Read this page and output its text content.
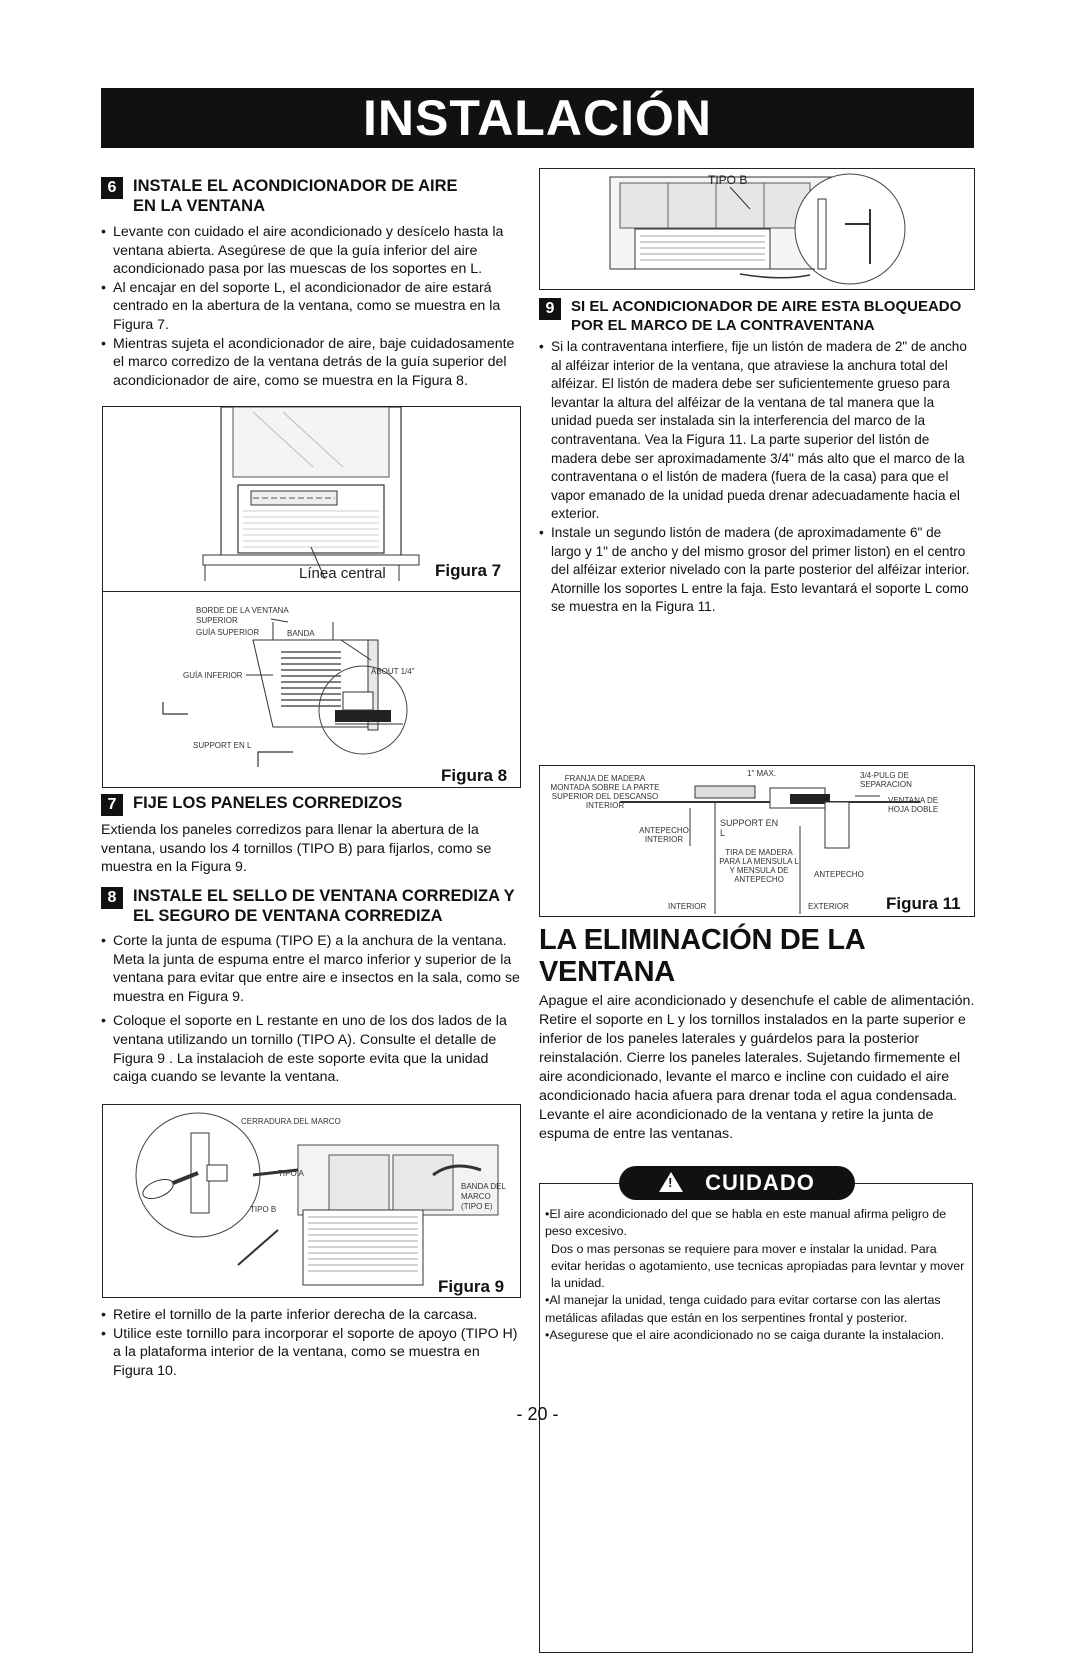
INSTALACIÓN
6	INSTALE EL ACONDICIONADOR DE AIRE
EN LA VENTANA
• Levante con cuidado el aire acondicionado y desícelo hasta la ventana abierta. Asegúrese de que la guía inferior del aire acondicionado pasa por las muescas de los soportes en L.
• Al encajar en del soporte L, el acondicionador de aire estará centrado en la abertura de la ventana, como se muestra en la Figura 7.
• Mientras sujeta el acondicionador de aire, baje cuidadosamente el marco corredizo de la ventana detrás de la guía superior del acondicionador de aire, como se muestra en la Figura 8.
Línea central	Figura 7
BORDE DE LA VENTANA SUPERIOR
GUÍA SUPERIOR	BANDA
ABOUT 1/4"
GUÍA INFERIOR
SUPPORT EN L
Figura 8
7	FIJE LOS PANELES CORREDIZOS

Extienda los paneles corredizos para llenar la abertura de la ventana, usando los 4 tornillos (TIPO B) para fijarlos, como se muestra en la Figura 9.

8	INSTALE EL SELLO DE VENTANA CORREDIZA Y
EL SEGURO DE VENTANA CORREDIZA
• Corte la junta de espuma (TIPO E) a la anchura de la ventana. Meta la junta de espuma entre el marco inferior y superior de la ventana para evitar que entre aire e insectos en la sala, como se muestra en Figura 9.
• Coloque el soporte en L restante en uno de los dos lados de la ventana utilizando un tornillo (TIPO A). Consulte el detalle de Figura 9 . La instalacioh de este soporte evita que la unidad caiga cuando se levante la ventana.
CERRADURA DEL MARCO
TIPO A
TIPO B
BANDA DEL MARCO (TIPO E)
Figura 9
• Retire el tornillo de la parte inferior derecha de la carcasa.
• Utilice este tornillo para incorporar el soporte de apoyo (TIPO H) a la plataforma interior de la ventana, como se muestra en Figura 10.
TIPO B
9	SI EL ACONDICIONADOR DE AIRE ESTA BLOQUEADO
POR EL MARCO DE LA CONTRAVENTANA
• Si la contraventana interfiere, fije un listón de madera de 2" de ancho al alféizar interior de la ventana, que atraviese la anchura total del alféizar. El listón de madera debe ser suficientemente grueso para levantar la altura del alféizar de la ventana de tal manera que la unidad pueda ser instalada sin la interferencia del marco de la contraventana. Vea la Figura 11. La parte superior del listón de madera debe ser aproximadamente 3/4" más alto que el marco de la contraventana o el listón de madera (fuera de la casa) para que el vapor emanado de la unidad pueda drenar adecuadamente hacia el exterior.
• Instale un segundo listón de madera (de aproximadamente 6" de largo y 1" de ancho y del mismo grosor del primer liston) en el centro del alféizar exterior nivelado con la parte posterior del alféizar interior. Atornille los soportes L entre la faja. Esto levantará el soporte L como se muestra en la Figura 11.
FRANJA DE MADERA MONTADA SOBRE LA PARTE SUPERIOR DEL DESCANSO INTERIOR
1" MAX.	3/4-PULG DE SEPARACION
VENTANA DE HOJA DOBLE
ANTEPECHO INTERIOR
SUPPORT EN L
TIRA DE MADERA PARA LA MENSULA L Y MENSULA DE ANTEPECHO
ANTEPECHO
INTERIOR	EXTERIOR Figura 11
LA ELIMINACIÓN DE LA VENTANA

Apague el aire acondicionado y desenchufe el cable de alimentación. Retire el soporte en L y los tornillos instalados en la parte superior e inferior de los paneles laterales y guárdelos para la posterior reinstalación. Cierre los paneles laterales. Sujetando firmemente el aire acondicionado, levante el marco e incline con cuidado el aire acondicionado hacia afuera para drenar toda el agua condensada. Levante el aire acondicionado de la ventana y retire la junta de espuma de entre las ventanas.

! CUIDADO
•El aire acondicionado del que se habla en este manual afirma peligro de peso excesivo.
Dos o mas personas se requiere para mover e instalar la unidad. Para evitar heridas o agotamiento, use tecnicas apropiadas para levntar y mover la unidad.
•Al manejar la unidad, tenga cuidado para evitar cortarse con las alertas metálicas afiladas que están en los serpentines frontal y posterior.
•Asegurese que el aire acondicionado no se caiga durante la instalacion.
- 20 -
